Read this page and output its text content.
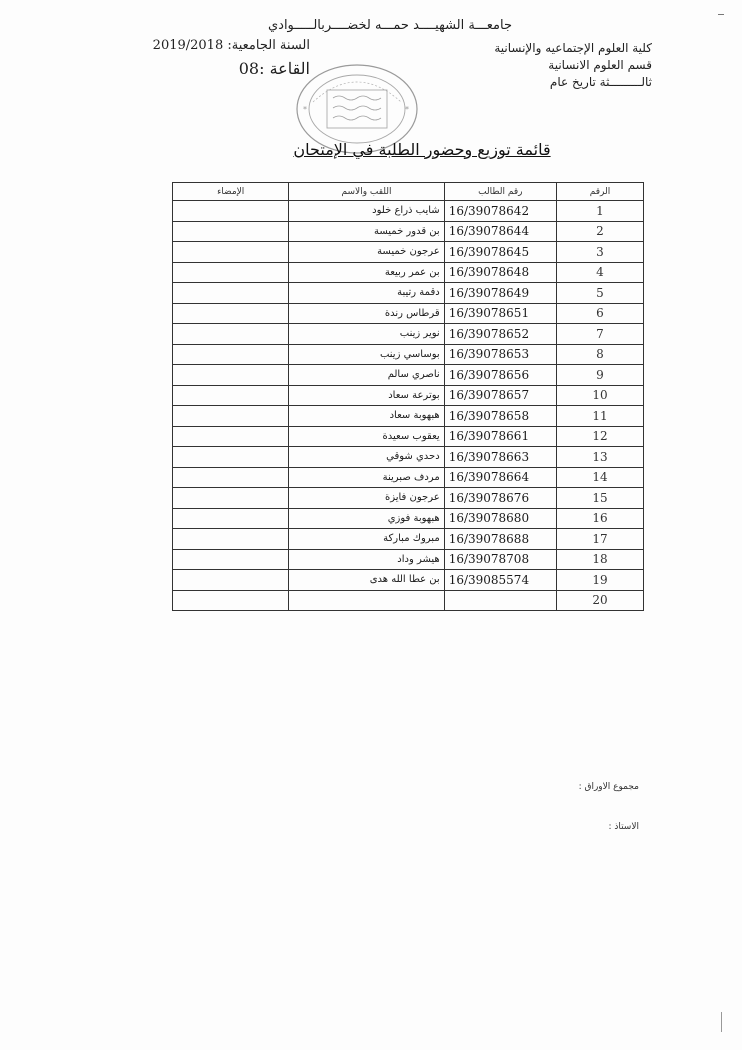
جامعـــة الشهيــــد حمـــه لخضــــربالـــــوادي
كلية العلوم الإجتماعيه والإنسانية
قسم العلوم الانسانية
ثالـــــــــثة تاريخ عام
السنة الجامعية: 2019/2018
القاعة :08
*	*
قائمة توزيع وحضور الطلبة في الإمتحان
الرقم	رقم الطالب	اللقب والاسم	الإمضاء
1	16/39078642	شايب ذراع خلود	
2	16/39078644	بن قدور خميسة	
3	16/39078645	عرجون خميسة	
4	16/39078648	بن عمر ربيعة	
5	16/39078649	دقمة رتيبة	
6	16/39078651	قرطاس رندة	
7	16/39078652	نوير زينب	
8	16/39078653	بوساسي زينب	
9	16/39078656	ناصري سالم	
10	16/39078657	بوترعة سعاد	
11	16/39078658	هبهوبة سعاد	
12	16/39078661	يعقوب سعيدة	
13	16/39078663	دحدي شوقي	
14	16/39078664	مردف صبرينة	
15	16/39078676	عرجون فايزة	
16	16/39078680	هبهوبة فوزي	
17	16/39078688	مبروك مباركة	
18	16/39078708	هيشر وداد	
19	16/39085574	بن عطا الله هدى	
20			
مجموع الاوراق :
الاستاذ :
